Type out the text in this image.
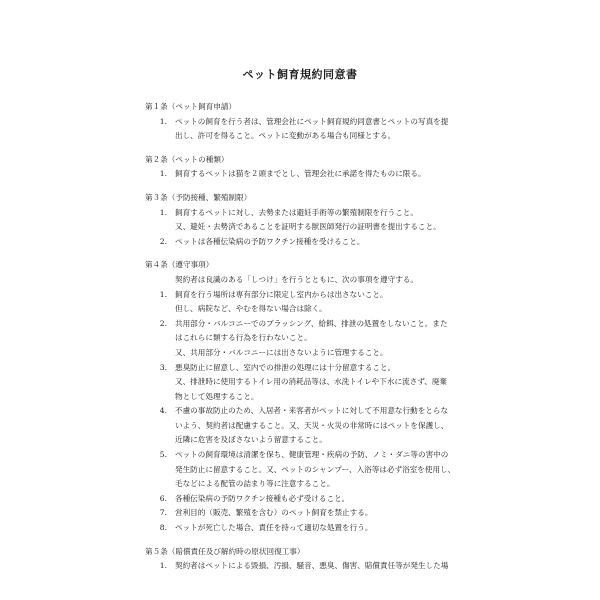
ペット飼育規約同意書
第１条（ペット飼育申請）
1.	ペットの飼育を行う者は、管理会社にペット飼育規約同意書とペットの写真を提
出し、許可を得ること。ペットに変動がある場合も同様とする。
第２条（ペットの種類）
1.	飼育するペットは猫を２頭までとし、管理会社に承諾を得たものに限る。
第３条（予防接種、繁殖制限）
1.	飼育するペットに対し、去勢または避妊手術等の繁殖制限を行うこと。
又、避妊・去勢済であることを証明する獣医師発行の証明書を提出すること。
2.	ペットは各種伝染病の予防ワクチン接種を受けること。
第４条（遵守事項）
契約者は良識のある「しつけ」を行うとともに、次の事項を遵守する。
1.	飼育を行う場所は専有部分に限定し室内からは出さないこと。
但し、病院など、やむを得ない場合は除く。
2.	共用部分・バルコニーでのブラッシング、給餌、排泄の処置をしないこと。また
はこれらに類する行為を行わないこと。
又、共用部分・バルコニーには出さないように管理すること。
3.	悪臭防止に留意し、室内での排泄の処理には十分留意すること。
又、排泄時に使用するトイレ用の消耗品等は、水洗トイレや下水に流さず、廃棄
物として処理すること。
4.	不慮の事故防止のため、入居者・来客者がペットに対して不用意な行動をとらな
いよう、契約者は配慮すること。又、天災・火災の非常時にはペットを保護し、
近隣に危害を及ぼさないよう留意すること。
5.	ペットの飼育環境は清潔を保ち、健康管理・疾病の予防、ノミ・ダニ等の害中の
発生防止に留意すること。又、ペットのシャンプー、入浴等は必ず浴室を使用し、
毛などによる配管の詰まり等に注意すること。
6.	各種伝染病の予防ワクチン接種も必ず受けること。
7.	営利目的（販売、繁殖を含む）のペット飼育を禁止する。
8.	ペットが死亡した場合、責任を持って適切な処置を行う。
第５条（賠償責任及び解約時の原状回復工事）
1.	契約者はペットによる毀損、汚損、騒音、悪臭、傷害、賠償責任等が発生した場
